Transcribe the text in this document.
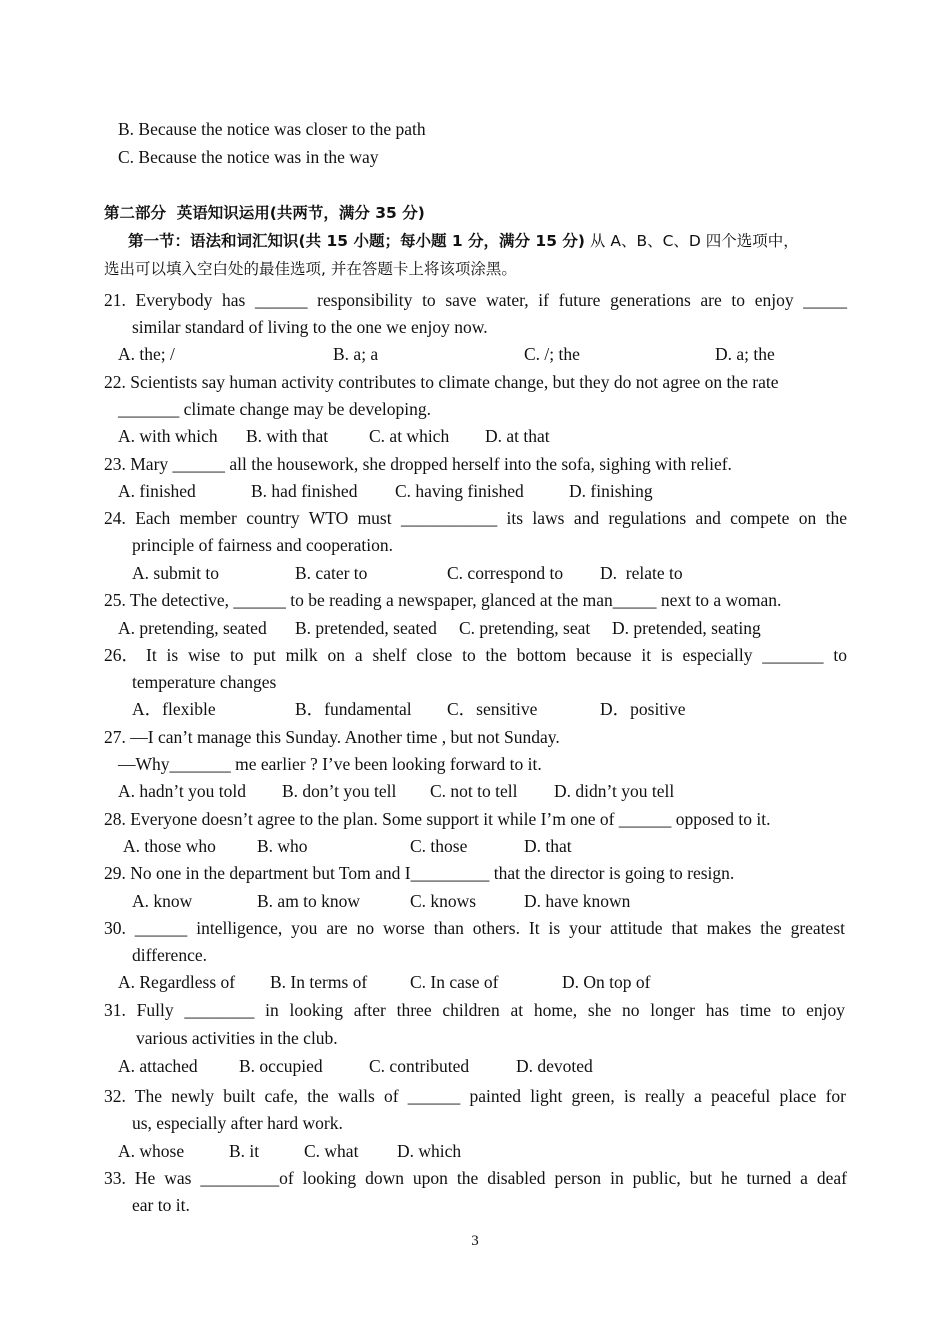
B. Because the notice was closer to the path
C. Because the notice was in the way
第二部分  英语知识运用(共两节，满分 35 分)
第一节：语法和词汇知识(共 15 小题；每小题 1 分，满分 15 分) 从 A、B、C、D 四个选项中，
选出可以填入空白处的最佳选项, 并在答题卡上将该项涂黑。
21. Everybody has ______ responsibility to save water, if future generations are to enjoy _____
similar standard of living to the one we enjoy now.
A. the; /	B. a; a	C. /; the	D. a; the
22. Scientists say human activity contributes to climate change, but they do not agree on the rate
_______ climate change may be developing.
A. with which B. with that C. at which D. at that
23. Mary ______ all the housework, she dropped herself into the sofa, sighing with relief.
A. finished	B. had finished C. having finished	D. finishing
24. Each member country WTO must ___________ its laws and regulations and compete on the
principle of fairness and cooperation.
A. submit to	B. cater to	C. correspond to D.  relate to
25. The detective, ______ to be reading a newspaper, glanced at the man_____ next to a woman.
A. pretending, seated B. pretended, seated C. pretending, seat D. pretended, seating
26． It is wise to put milk on a shelf close to the bottom because it is especially _______ to
temperature changes
A．flexible	B．fundamental C．sensitive	D．positive
27. —I can’t manage this Sunday. Another time , but not Sunday.
—Why_______ me earlier ? I’ve been looking forward to it.
A. hadn’t you told B. don’t you tell C. not to tell D. didn’t you tell
28. Everyone doesn’t agree to the plan. Some support it while I’m one of ______ opposed to it.
A. those who B. who	C. those	D. that
29. No one in the department but Tom and I_________ that the director is going to resign.
A. know	B. am to know	C. knows	D. have known
30. ______ intelligence, you are no worse than others. It is your attitude that makes the greatest
difference.
A. Regardless of B. In terms of C. In case of	D. On top of
31. Fully ________ in looking after three children at home, she no longer has time to enjoy
various activities in the club.
A. attached B. occupied	C. contributed	D. devoted
32. The newly built cafe, the walls of ______ painted light green, is really a peaceful place for
us, especially after hard work.
A. whose	B. it	C. what D. which
33. He was _________of looking down upon the disabled person in public, but he turned a deaf
ear to it.
3
